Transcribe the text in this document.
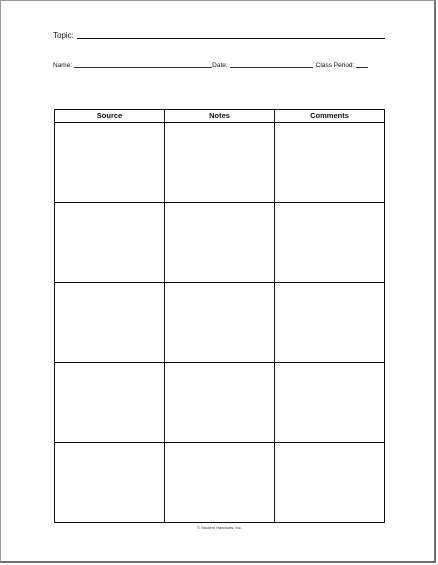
Topic:
Name:	Date:	Class Period:
Source	Notes	Comments
© Student Handouts, Inc.
